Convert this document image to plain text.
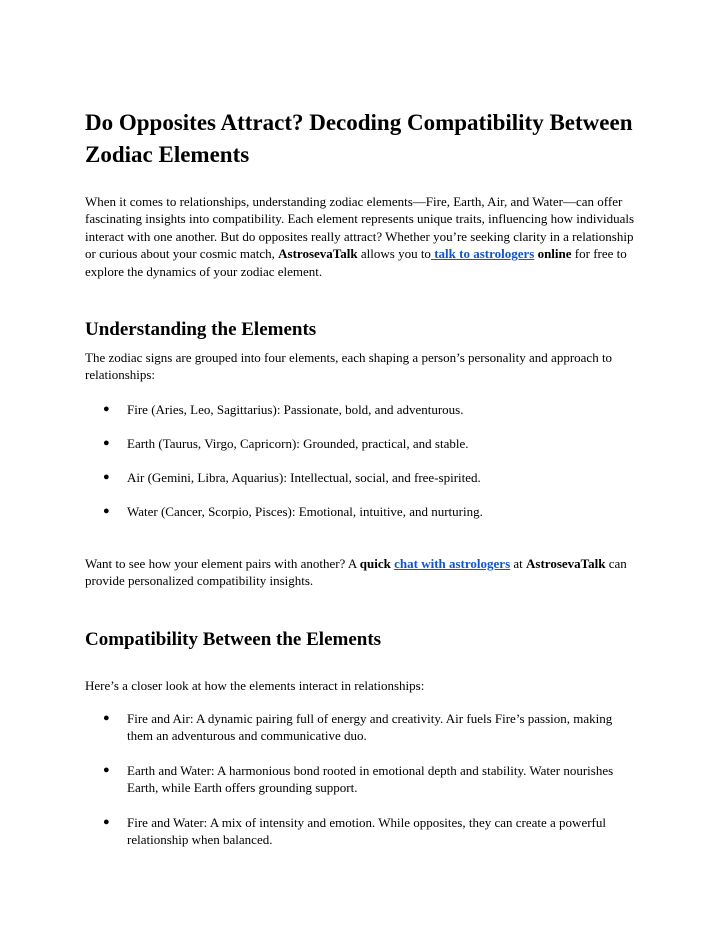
Do Opposites Attract? Decoding Compatibility Between Zodiac Elements

When it comes to relationships, understanding zodiac elements—Fire, Earth, Air, and Water—can offer fascinating insights into compatibility. Each element represents unique traits, influencing how individuals interact with one another. But do opposites really attract? Whether you’re seeking clarity in a relationship or curious about your cosmic match, AstrosevaTalk allows you to talk to astrologers online for free to explore the dynamics of your zodiac element.

Understanding the Elements

The zodiac signs are grouped into four elements, each shaping a person’s personality and approach to relationships:

● Fire (Aries, Leo, Sagittarius): Passionate, bold, and adventurous.
● Earth (Taurus, Virgo, Capricorn): Grounded, practical, and stable.
● Air (Gemini, Libra, Aquarius): Intellectual, social, and free-spirited.
● Water (Cancer, Scorpio, Pisces): Emotional, intuitive, and nurturing.

Want to see how your element pairs with another? A quick chat with astrologers at AstrosevaTalk can provide personalized compatibility insights.

Compatibility Between the Elements

Here’s a closer look at how the elements interact in relationships:

● Fire and Air: A dynamic pairing full of energy and creativity. Air fuels Fire’s passion, making them an adventurous and communicative duo.
● Earth and Water: A harmonious bond rooted in emotional depth and stability. Water nourishes Earth, while Earth offers grounding support.
● Fire and Water: A mix of intensity and emotion. While opposites, they can create a powerful relationship when balanced.
